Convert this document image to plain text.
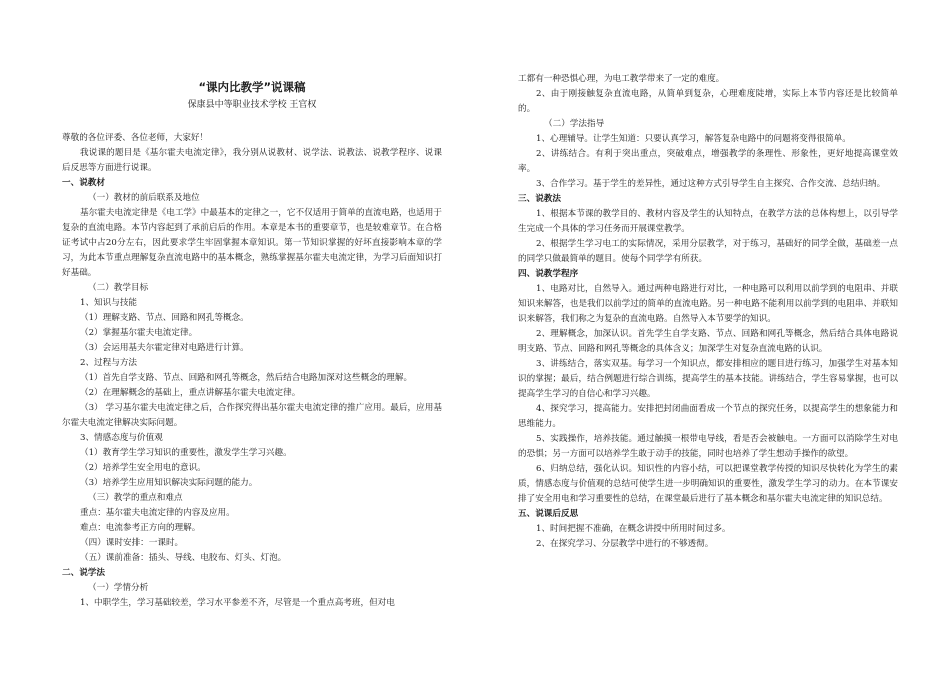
“课内比教学”说课稿
保康县中等职业技术学校 王官权
尊敬的各位评委、各位老师，大家好！
我说课的题目是《基尔霍夫电流定律》，我分别从说教材、说学法、说教法、说教学程序、说课后反思等方面进行说课。
一、说教材
（一）教材的前后联系及地位
基尔霍夫电流定律是《电工学》中最基本的定律之一，它不仅适用于简单的直流电路，也适用于复杂的直流电路。本节内容起到了承前启后的作用。本章是本书的重要章节，也是较难章节。在合格证考试中占20分左右，因此要求学生牢固掌握本章知识。第一节知识掌握的好坏直接影响本章的学习，为此本节重点理解复杂直流电路中的基本概念，熟练掌握基尔霍夫电流定律，为学习后面知识打好基础。
（二）教学目标
1、知识与技能
（1）理解支路、节点、回路和网孔等概念。
（2）掌握基尔霍夫电流定律。
（3）会运用基夫尔霍定律对电路进行计算。
2、过程与方法
（1）首先自学支路、节点、回路和网孔等概念，然后结合电路加深对这些概念的理解。
（2）在理解概念的基础上，重点讲解基尔霍夫电流定律。
（3） 学习基尔霍夫电流定律之后，合作探究得出基尔霍夫电流定律的推广应用。最后，应用基尔霍夫电流定律解决实际问题。
3、情感态度与价值观
（1）教育学生学习知识的重要性，激发学生学习兴趣。
（2）培养学生安全用电的意识。
（3）培养学生应用知识解决实际问题的能力。
（三）教学的重点和难点
重点：基尔霍夫电流定律的内容及应用。
难点：电流参考正方向的理解。
（四）课时安排：一课时。
（五）课前准备：插头、导线、电胶布、灯头、灯泡。
二、说学法
（一）学情分析
1、中职学生，学习基础较差，学习水平参差不齐，尽管是一个重点高考班，但对电
工都有一种恐惧心理，为电工教学带来了一定的难度。
2、由于刚接触复杂直流电路，从简单到复杂，心理难度陡增，实际上本节内容还是比较简单的。
（二）学法指导
1、心理辅导。让学生知道：只要认真学习，解答复杂电路中的问题将变得很简单。
2、讲练结合。有利于突出重点，突破难点，增强教学的条理性、形象性，更好地提高课堂效率。
3、合作学习。基于学生的差异性，通过这种方式引导学生自主探究、合作交流、总结归纳。
三、说教法
1、根据本节课的教学目的、教材内容及学生的认知特点，在教学方法的总体构想上，以引导学生完成一个具体的学习任务而开展课堂教学。
2、根据学生学习电工的实际情况，采用分层教学，对于练习，基础好的同学全做，基础差一点的同学只做最简单的题目。使每个同学学有所获。
四、说教学程序
1、电路对比，自然导入。通过两种电路进行对比，一种电路可以利用以前学到的电阻串、并联知识来解答，也是我们以前学过的简单的直流电路。另一种电路不能利用以前学到的电阻串、并联知识来解答，我们称之为复杂的直流电路。自然导入本节要学的知识。
2、理解概念，加深认识。首先学生自学支路、节点、回路和网孔等概念，然后结合具体电路说明支路、节点、回路和网孔等概念的具体含义；加深学生对复杂直流电路的认识。
3、讲练结合，落实双基。每学习一个知识点，都安排相应的题目进行练习，加强学生对基本知识的掌握；最后，结合例题进行综合训练，提高学生的基本技能。讲练结合，学生容易掌握，也可以提高学生学习的自信心和学习兴趣。
4、探究学习，提高能力。安排把封闭曲面看成一个节点的探究任务，以提高学生的想象能力和思维能力。
5、实践操作，培养技能。通过触摸一根带电导线，看是否会被触电。一方面可以消除学生对电的恐惧；另一方面可以培养学生敢于动手的技能，同时也培养了学生想动手操作的欲望。
6、归纳总结，强化认识。知识性的内容小结，可以把课堂教学传授的知识尽快转化为学生的素质，情感态度与价值观的总结可使学生进一步明确知识的重要性，激发学生学习的动力。在本节课安排了安全用电和学习重要性的总结，在课堂最后进行了基本概念和基尔霍夫电流定律的知识总结。
五、说课后反思
1、时间把握不准确，在概念讲授中所用时间过多。
2、在探究学习、分层教学中进行的不够透彻。
